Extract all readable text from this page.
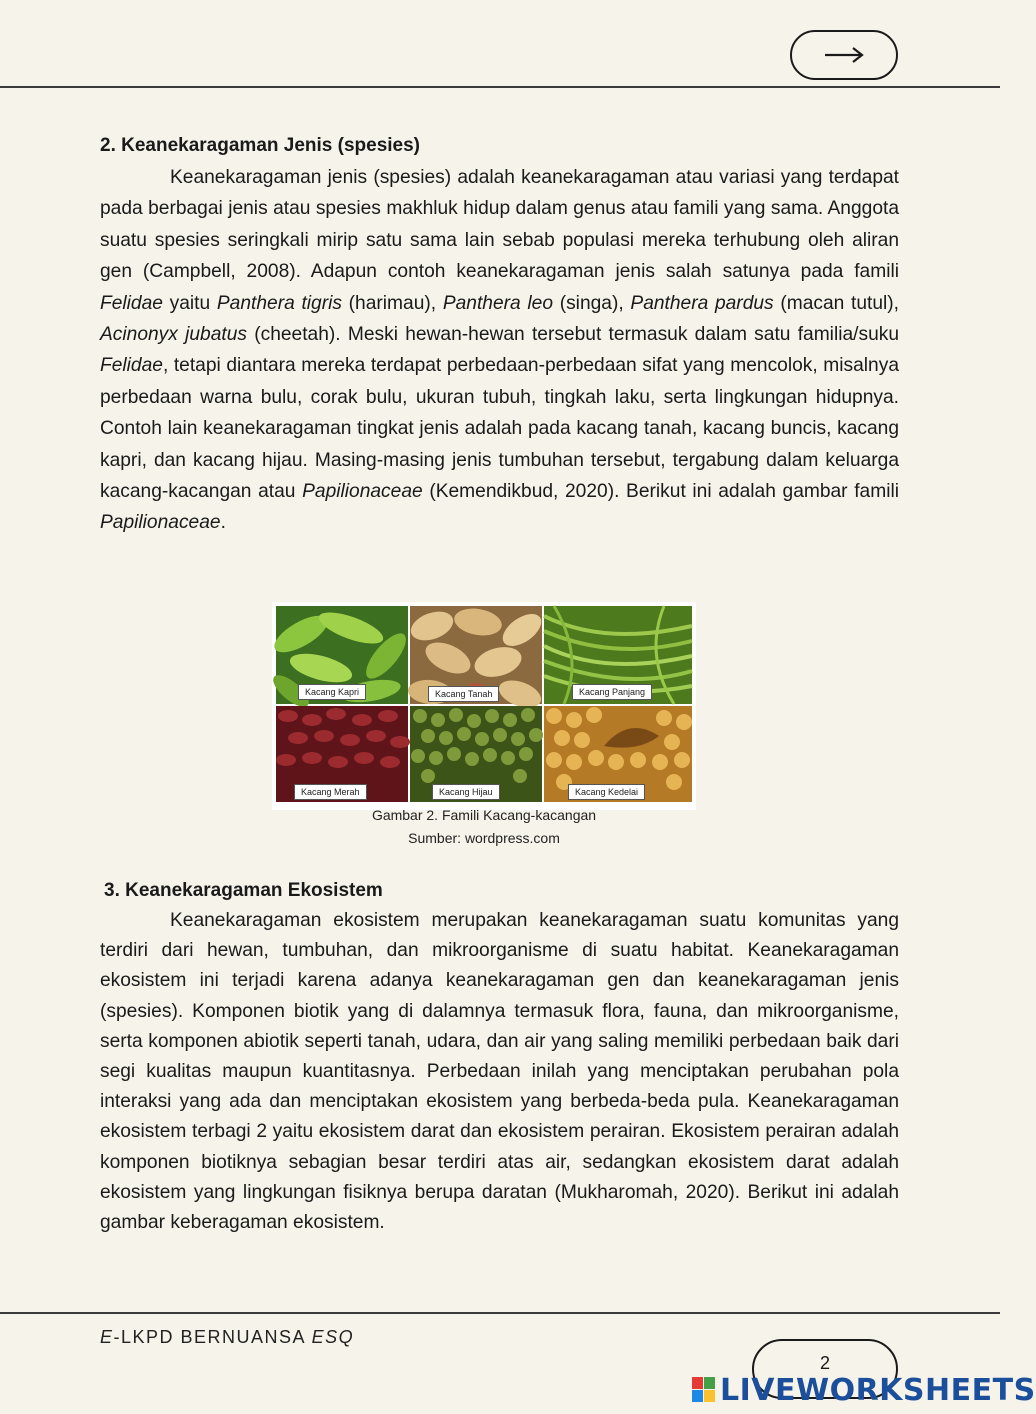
2. Keanekaragaman Jenis (spesies)

Keanekaragaman jenis (spesies) adalah keanekaragaman atau variasi yang terdapat pada berbagai jenis atau spesies makhluk hidup dalam genus atau famili yang sama. Anggota suatu spesies seringkali mirip satu sama lain sebab populasi mereka terhubung oleh aliran gen (Campbell, 2008). Adapun contoh keanekaragaman jenis salah satunya pada famili Felidae yaitu Panthera tigris (harimau), Panthera leo (singa), Panthera pardus (macan tutul), Acinonyx jubatus (cheetah). Meski hewan-hewan tersebut termasuk dalam satu familia/suku Felidae, tetapi diantara mereka terdapat perbedaan-perbedaan sifat yang mencolok, misalnya perbedaan warna bulu, corak bulu, ukuran tubuh, tingkah laku, serta lingkungan hidupnya. Contoh lain keanekaragaman tingkat jenis adalah pada kacang tanah, kacang buncis, kacang kapri, dan kacang hijau. Masing-masing jenis tumbuhan tersebut, tergabung dalam keluarga kacang-kacangan atau Papilionaceae (Kemendikbud, 2020). Berikut ini adalah gambar famili Papilionaceae.

Kacang Kapri	Kacang Tanah	Kacang Panjang
Kacang Merah	Kacang Hijau	Kacang Kedelai
Gambar 2. Famili Kacang-kacangan
Sumber: wordpress.com
3. Keanekaragaman Ekosistem

Keanekaragaman ekosistem merupakan keanekaragaman suatu komunitas yang terdiri dari hewan, tumbuhan, dan mikroorganisme di suatu habitat. Keanekaragaman ekosistem ini terjadi karena adanya keanekaragaman gen dan keanekaragaman jenis (spesies). Komponen biotik yang di dalamnya termasuk flora, fauna, dan mikroorganisme, serta komponen abiotik seperti tanah, udara, dan air yang saling memiliki perbedaan baik dari segi kualitas maupun kuantitasnya. Perbedaan inilah yang menciptakan perubahan pola interaksi yang ada dan menciptakan ekosistem yang berbeda-beda pula. Keanekaragaman ekosistem terbagi 2 yaitu ekosistem darat dan ekosistem perairan. Ekosistem perairan adalah komponen biotiknya sebagian besar terdiri atas air, sedangkan ekosistem darat adalah ekosistem yang lingkungan fisiknya berupa daratan (Mukharomah, 2020). Berikut ini adalah gambar keberagaman ekosistem.

E-LKPD BERNUANSA ESQ
2
LIVEWORKSHEETS
